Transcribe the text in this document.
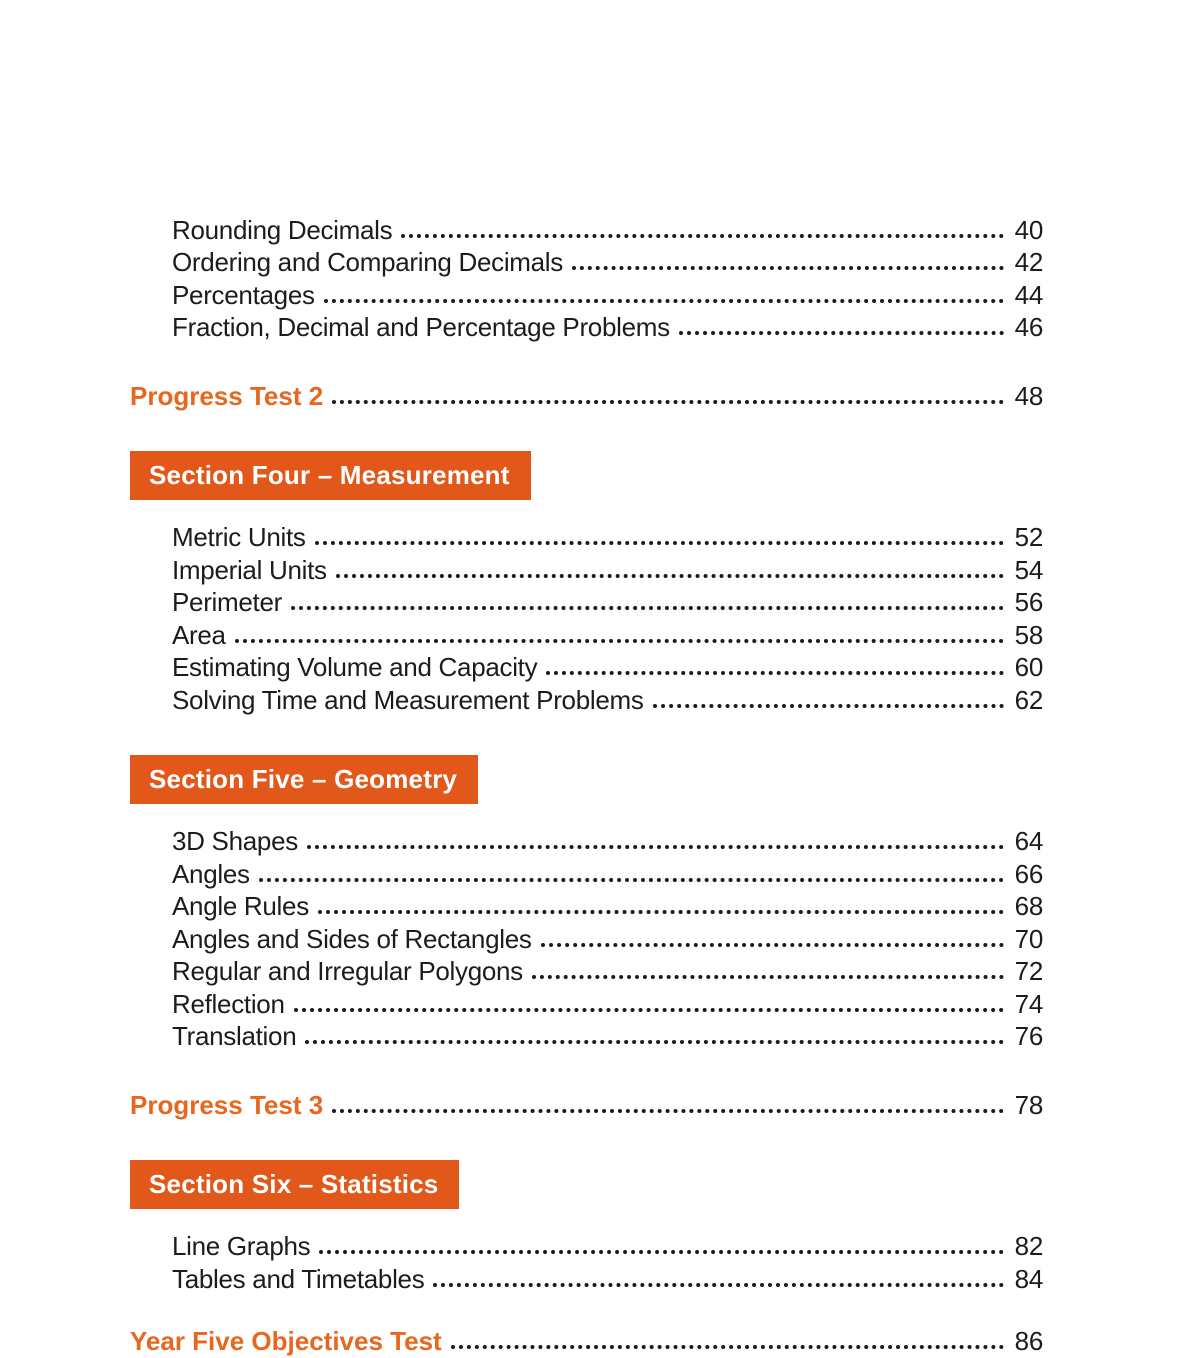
Rounding Decimals	40
Ordering and Comparing Decimals	42
Percentages	44
Fraction, Decimal and Percentage Problems	46
Progress Test 2	48
Section Four – Measurement
Metric Units	52
Imperial Units	54
Perimeter	56
Area	58
Estimating Volume and Capacity	60
Solving Time and Measurement Problems	62
Section Five – Geometry
3D Shapes	64
Angles	66
Angle Rules	68
Angles and Sides of Rectangles	70
Regular and Irregular Polygons	72
Reflection	74
Translation	76
Progress Test 3	78
Section Six – Statistics
Line Graphs	82
Tables and Timetables	84
Year Five Objectives Test	86
